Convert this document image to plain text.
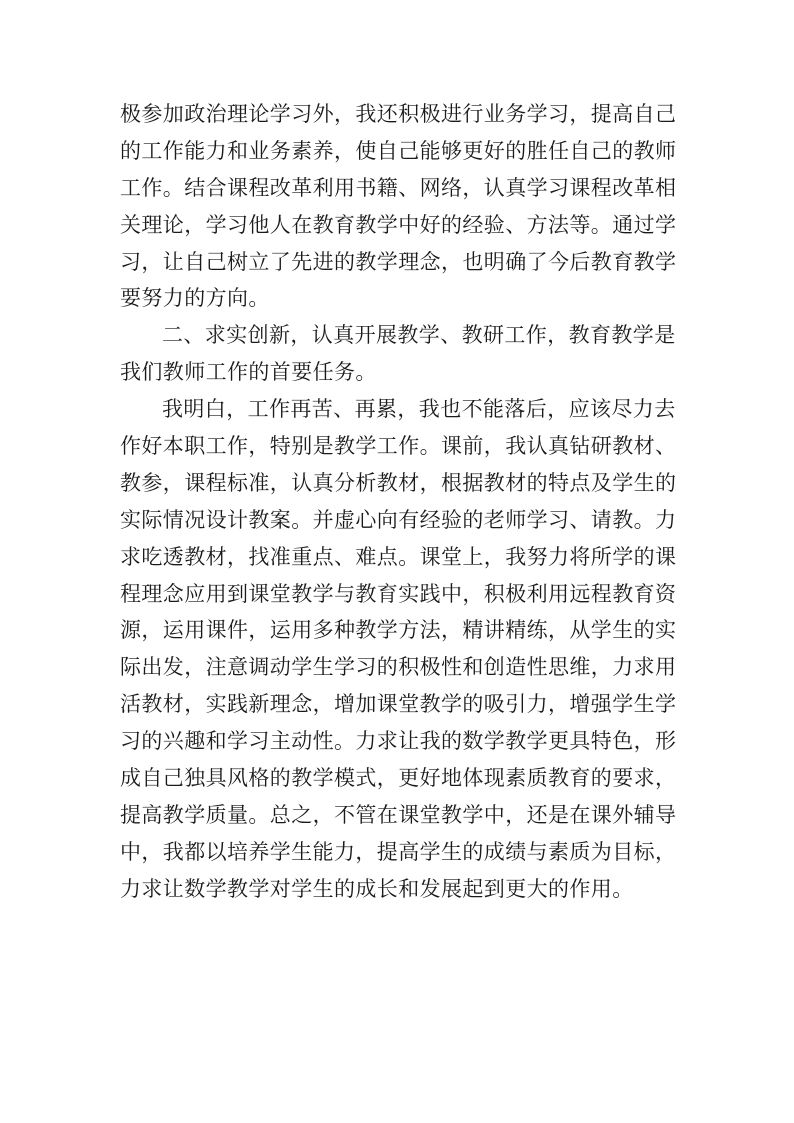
极参加政治理论学习外，我还积极进行业务学习，提高自己
的工作能力和业务素养，使自己能够更好的胜任自己的教师
工作。结合课程改革利用书籍、网络，认真学习课程改革相
关理论，学习他人在教育教学中好的经验、方法等。通过学
习，让自己树立了先进的教学理念，也明确了今后教育教学
要努力的方向。
二、求实创新，认真开展教学、教研工作，教育教学是
我们教师工作的首要任务。
我明白，工作再苦、再累，我也不能落后，应该尽力去
作好本职工作，特别是教学工作。课前，我认真钻研教材、
教参，课程标准，认真分析教材，根据教材的特点及学生的
实际情况设计教案。并虚心向有经验的老师学习、请教。力
求吃透教材，找准重点、难点。课堂上，我努力将所学的课
程理念应用到课堂教学与教育实践中，积极利用远程教育资
源，运用课件，运用多种教学方法，精讲精练，从学生的实
际出发，注意调动学生学习的积极性和创造性思维，力求用
活教材，实践新理念，增加课堂教学的吸引力，增强学生学
习的兴趣和学习主动性。力求让我的数学教学更具特色，形
成自己独具风格的教学模式，更好地体现素质教育的要求，
提高教学质量。总之，不管在课堂教学中，还是在课外辅导
中，我都以培养学生能力，提高学生的成绩与素质为目标，
力求让数学教学对学生的成长和发展起到更大的作用。
